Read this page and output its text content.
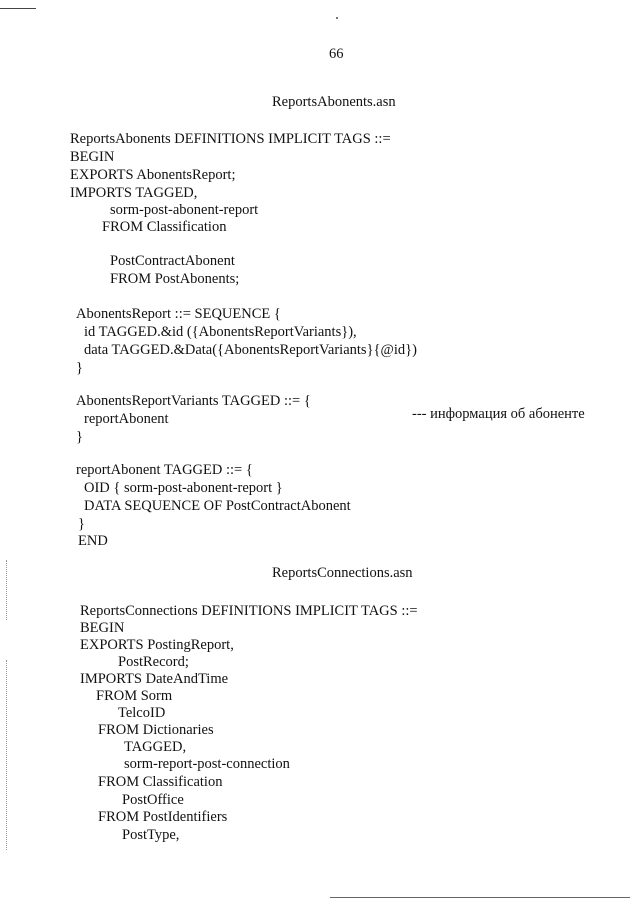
66
ReportsAbonents.asn
ReportsAbonents DEFINITIONS IMPLICIT TAGS ::=
BEGIN
EXPORTS AbonentsReport;
IMPORTS TAGGED,
sorm-post-abonent-report
FROM Classification
PostContractAbonent
FROM PostAbonents;
AbonentsReport ::= SEQUENCE {
id TAGGED.&id ({AbonentsReportVariants}),
data TAGGED.&Data({AbonentsReportVariants}{@id})
}
AbonentsReportVariants TAGGED ::= {
reportAbonent	--- информация об абоненте
}
reportAbonent TAGGED ::= {
OID { sorm-post-abonent-report }
DATA SEQUENCE OF PostContractAbonent
}
END
ReportsConnections.asn
ReportsConnections DEFINITIONS IMPLICIT TAGS ::=
BEGIN
EXPORTS PostingReport,
PostRecord;
IMPORTS DateAndTime
FROM Sorm
TelcoID
FROM Dictionaries
TAGGED,
sorm-report-post-connection
FROM Classification
PostOffice
FROM PostIdentifiers
PostType,
